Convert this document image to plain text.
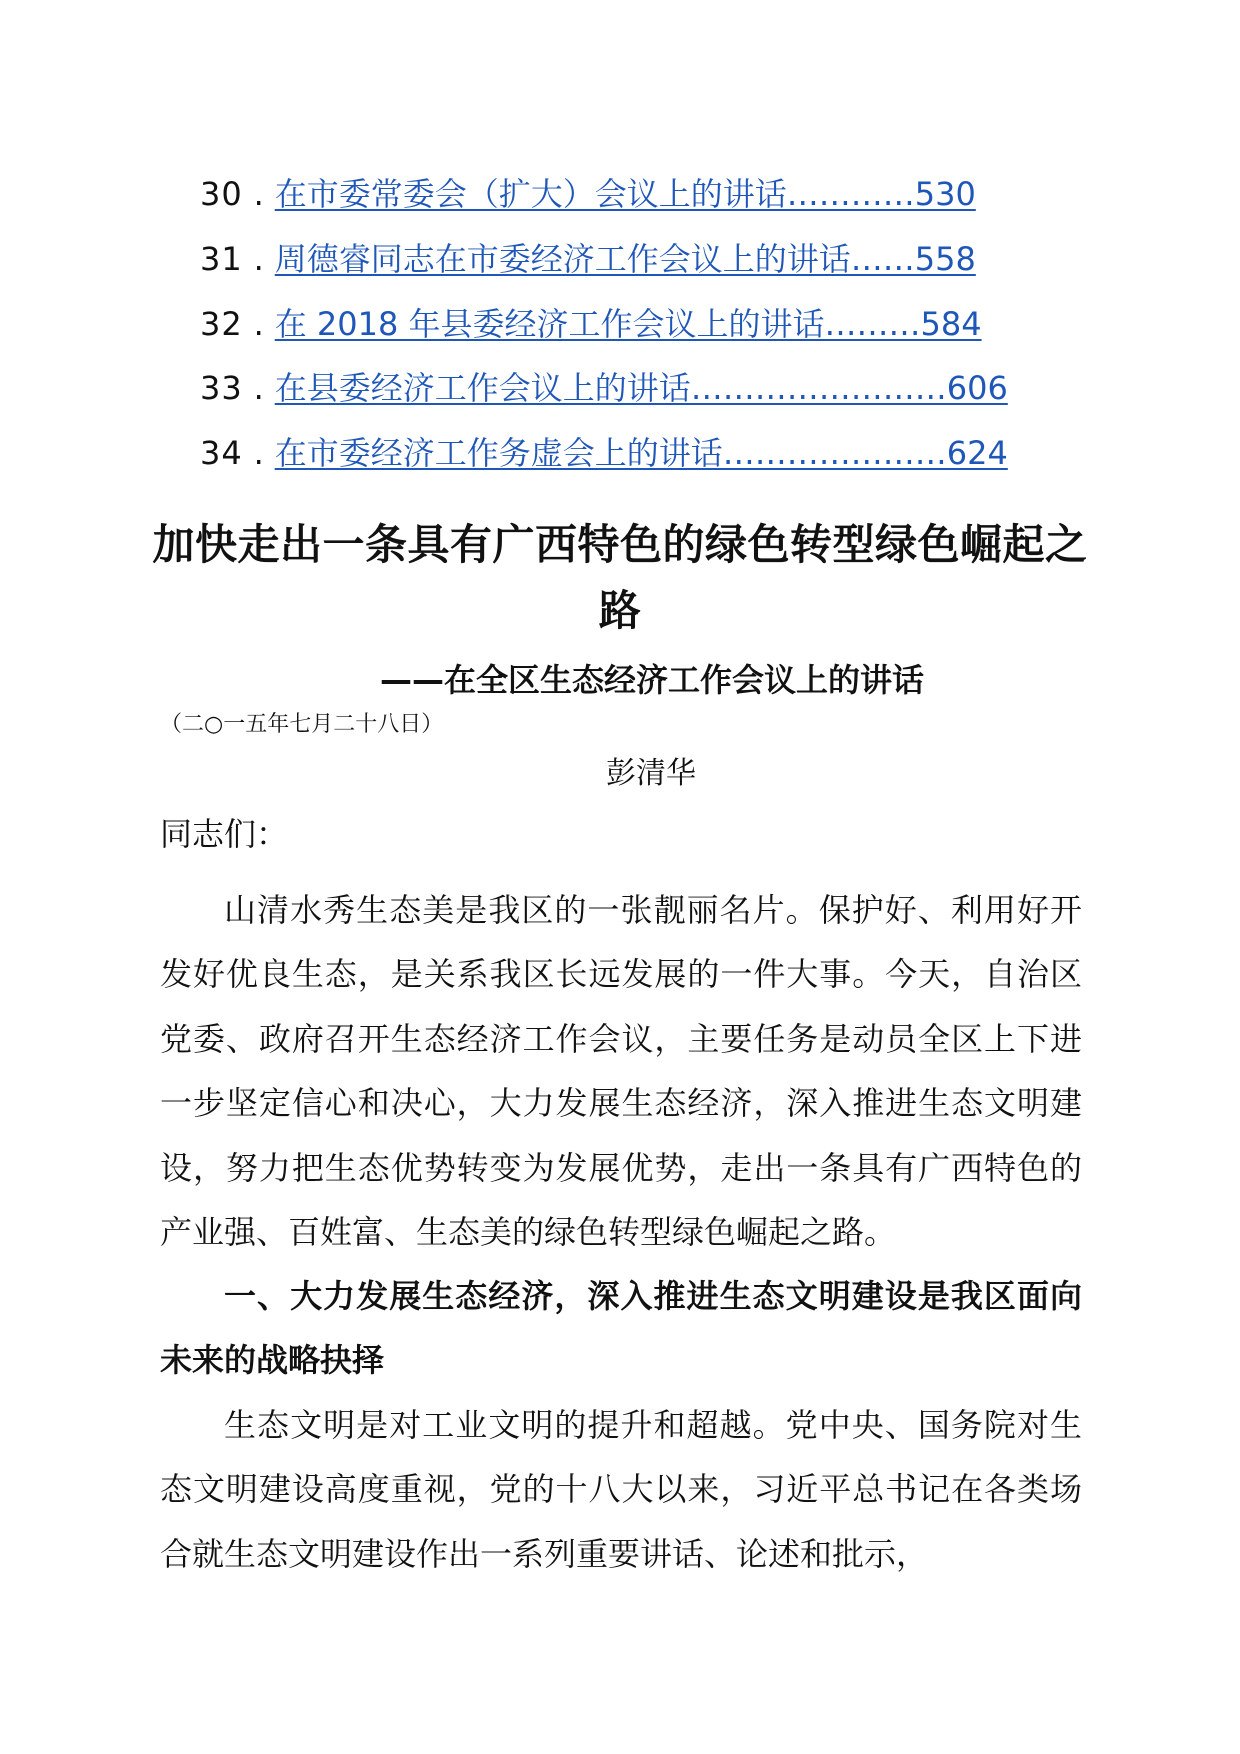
30 . 在市委常委会（扩大）会议上的讲话…………530
31 . 周德睿同志在市委经济工作会议上的讲话……558
32 . 在 2018 年县委经济工作会议上的讲话………584
33 . 在县委经济工作会议上的讲话……………………606
34 . 在市委经济工作务虚会上的讲话…………………624
加快走出一条具有广西特色的绿色转型绿色崛起之路
——在全区生态经济工作会议上的讲话
（二○一五年七月二十八日）
彭清华
同志们：
山清水秀生态美是我区的一张靓丽名片。保护好、利用好开发好优良生态，是关系我区长远发展的一件大事。今天，自治区党委、政府召开生态经济工作会议，主要任务是动员全区上下进一步坚定信心和决心，大力发展生态经济，深入推进生态文明建设，努力把生态优势转变为发展优势，走出一条具有广西特色的产业强、百姓富、生态美的绿色转型绿色崛起之路。
一、大力发展生态经济，深入推进生态文明建设是我区面向未来的战略抉择
生态文明是对工业文明的提升和超越。党中央、国务院对生态文明建设高度重视，党的十八大以来，习近平总书记在各类场合就生态文明建设作出一系列重要讲话、论述和批示，
